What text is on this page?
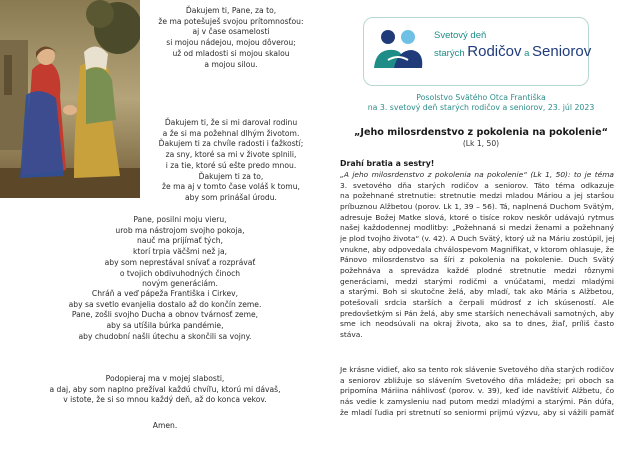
Ďakujem ti, Pane, za to,
že ma potešuješ svojou prítomnosťou:
aj v čase osamelosti
si mojou nádejou, mojou dôverou;
už od mladosti si mojou skalou
a mojou silou.
Ďakujem ti, že si mi daroval rodinu
a že si ma požehnal dlhým životom.
Ďakujem ti za chvíle radosti i ťažkostí;
za sny, ktoré sa mi v živote splnili,
i za tie, ktoré sú ešte predo mnou.
Ďakujem ti za to,
že ma aj v tomto čase voláš k tomu,
aby som prinášal úrodu.
Pane, posilni moju vieru,
urob ma nástrojom svojho pokoja,
nauč ma prijímať tých,
ktorí trpia väčšmi než ja,
aby som neprestával snívať a rozprávať
o tvojich obdivuhodných činoch
novým generáciám.
Chráň a veď pápeža Františka i Cirkev,
aby sa svetlo evanjelia dostalo až do končín zeme.
Pane, zošli svojho Ducha a obnov tvárnosť zeme,
aby sa utíšila búrka pandémie,
aby chudobní našli útechu a skončili sa vojny.
Podopieraj ma v mojej slabosti,
a daj, aby som naplno prežíval každú chvíľu, ktorú mi dávaš,
v istote, že si so mnou každý deň, až do konca vekov.
Amen.
Svetový deň
starých Rodičov a Seniorov
Posolstvo Svätého Otca Františka
na 3. svetový deň starých rodičov a seniorov, 23. júl 2023
„Jeho milosrdenstvo z pokolenia na pokolenie“
(Lk 1, 50)
Drahí bratia a sestry!
„A jeho milosrdenstvo z pokolenia na pokolenie“ (Lk 1, 50): to je téma
3. svetového dňa starých rodičov a seniorov. Táto téma odkazuje
na požehnané stretnutie: stretnutie medzi mladou Máriou a jej staršou
príbuznou Alžbetou (porov. Lk 1, 39 – 56). Tá, naplnená Duchom Svätým,
adresuje Božej Matke slová, ktoré o tisíce rokov neskôr udávajú rytmus
našej každodennej modlitby: „Požehnaná si medzi ženami a požehnaný
je plod tvojho života“ (v. 42). A Duch Svätý, ktorý už na Máriu zostúpil, jej
vnukne, aby odpovedala chválospevom Magnifikat, v ktorom ohlasuje, že
Pánovo milosrdenstvo sa šíri z pokolenia na pokolenie. Duch Svätý
požehnáva a sprevádza každé plodné stretnutie medzi rôznymi
generáciami, medzi starými rodičmi a vnúčatami, medzi mladými
a starými. Boh si skutočne želá, aby mladí, tak ako Mária s Alžbetou,
potešovali srdcia starších a čerpali múdrosť z ich skúseností. Ale
predovšetkým si Pán želá, aby sme starších nenechávali samotných, aby
sme ich neodsúvali na okraj života, ako sa to dnes, žiaľ, príliš často
stáva.
Je krásne vidieť, ako sa tento rok slávenie Svetového dňa starých rodičov
a seniorov zbližuje so slávením Svetového dňa mládeže; pri oboch sa
pripomína Máriina náhlivosť (porov. v. 39), keď ide navštíviť Alžbetu, čo
nás vedie k zamysleniu nad putom medzi mladými a starými. Pán dúfa,
že mladí ľudia pri stretnutí so seniormi prijmú výzvu, aby si vážili pamäť
